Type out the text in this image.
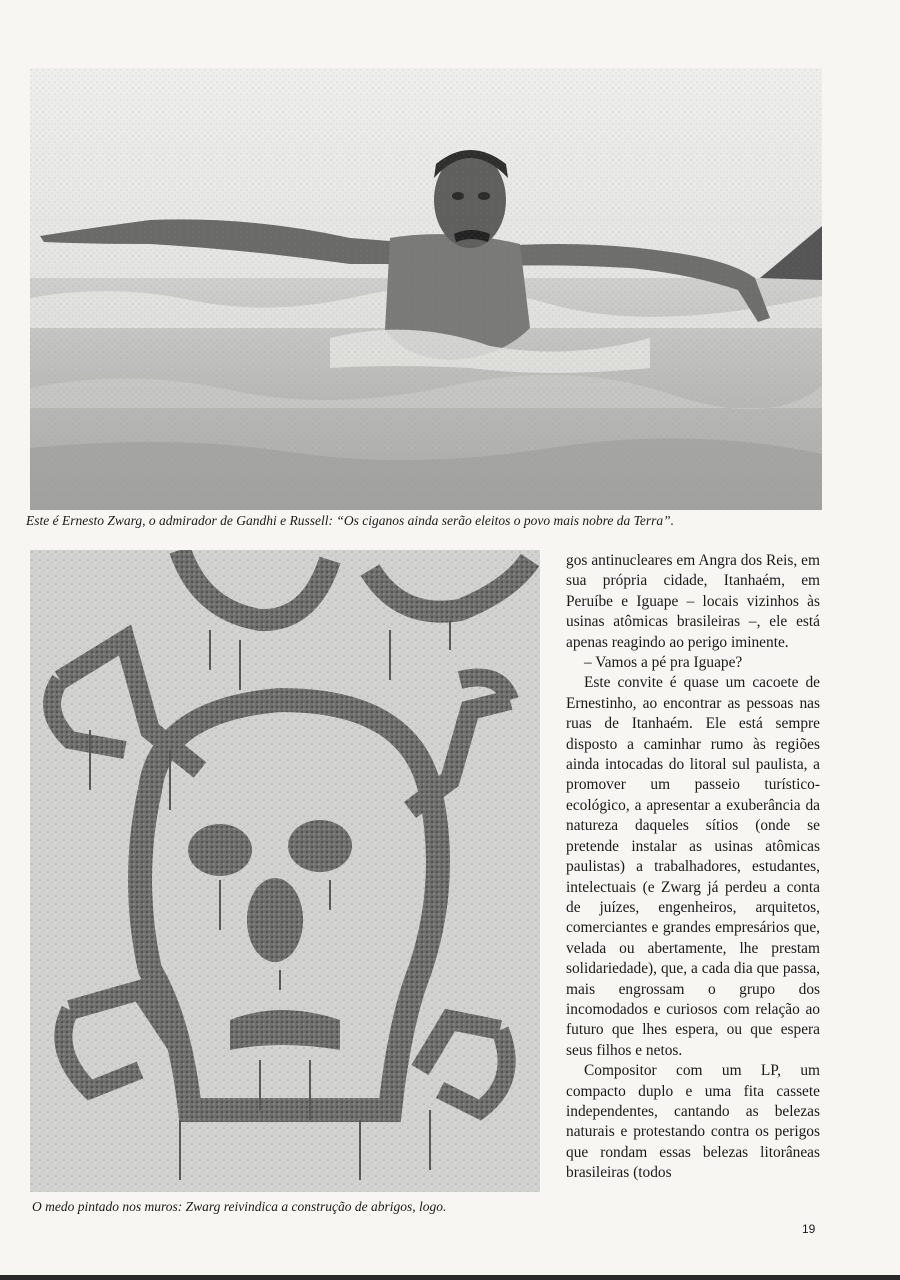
Este é Ernesto Zwarg, o admirador de Gandhi e Russell: “Os ciganos ainda serão eleitos o povo mais nobre da Terra”.
O medo pintado nos muros: Zwarg reivindica a construção de abrigos, logo.

gos antinucleares em Angra dos Reis, em sua própria cidade, Itanhaém, em Peruíbe e Iguape – locais vizinhos às usinas atômicas brasileiras –, ele está apenas reagindo ao perigo iminente.

– Vamos a pé pra Iguape?

Este convite é quase um cacoete de Ernestinho, ao encontrar as pessoas nas ruas de Itanhaém. Ele está sempre disposto a caminhar rumo às regiões ainda intocadas do litoral sul paulista, a promover um passeio turístico-ecológico, a apresentar a exuberância da natureza daqueles sítios (onde se pretende instalar as usinas atômicas paulistas) a trabalhadores, estudantes, intelectuais (e Zwarg já perdeu a conta de juízes, engenheiros, arquitetos, comerciantes e grandes empresários que, velada ou abertamente, lhe prestam solidariedade), que, a cada dia que passa, mais engrossam o grupo dos incomodados e curiosos com relação ao futuro que lhes espera, ou que espera seus filhos e netos.

Compositor com um LP, um compacto duplo e uma fita cassete independentes, cantando as belezas naturais e protestando contra os perigos que rondam essas belezas litorâneas brasileiras (todos

19
